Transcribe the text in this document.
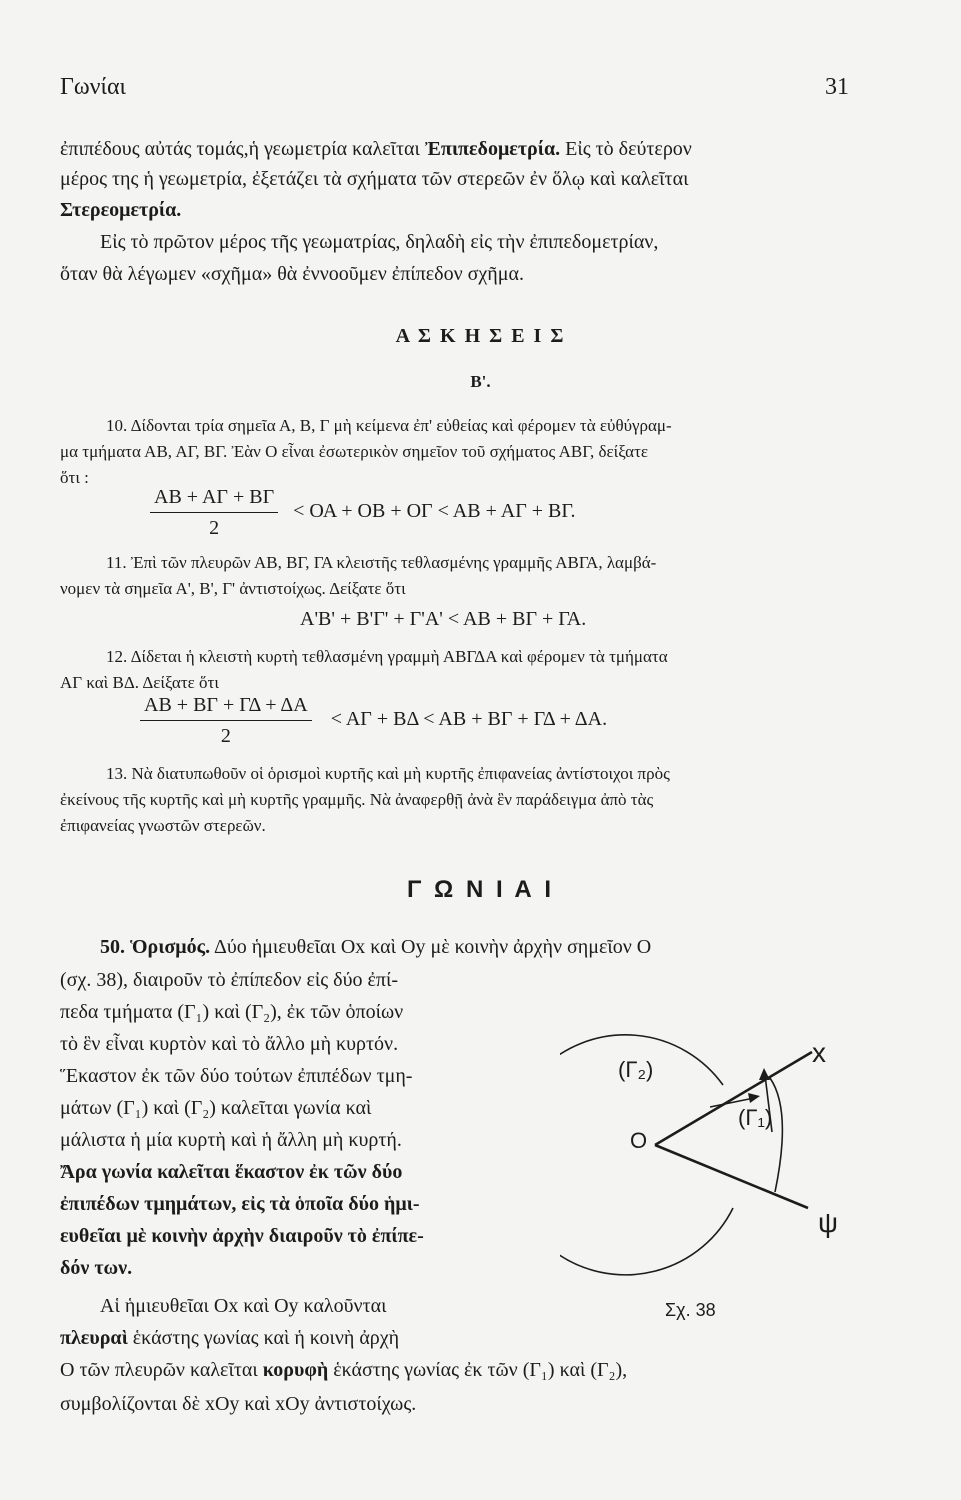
Γωνίαι	31
ἐπιπέδους αὐτάς τομάς,ἡ γεωμετρία καλεῖται Ἐπιπεδομετρία. Εἰς τὸ δεύτερον
μέρος της ἡ γεωμετρία, ἐξετάζει τὰ σχήματα τῶν στερεῶν ἐν ὅλῳ καὶ καλεῖται
Στερεομετρία.
Εἰς τὸ πρῶτον μέρος τῆς γεωματρίας, δηλαδὴ εἰς τὴν ἐπιπεδομετρίαν,
ὅταν θὰ λέγωμεν «σχῆμα» θὰ ἐννοοῦμεν ἐπίπεδον σχῆμα.
Α Σ Κ Η Σ Ε Ι Σ
Β'.
10. Δίδονται τρία σημεῖα Α, Β, Γ μὴ κείμενα ἐπ' εὐθείας καὶ φέρομεν τὰ εὐθύγραμ-
μα τμήματα ΑΒ, ΑΓ, ΒΓ. Ἐὰν Ο εἶναι ἐσωτερικὸν σημεῖον τοῦ σχήματος ΑΒΓ, δείξατε
ὅτι :
$\frac{AB + A\Gamma + B\Gamma}{2} < OA + OB + O\Gamma < AB + A\Gamma + B\Gamma$.
11. Ἐπὶ τῶν πλευρῶν ΑΒ, ΒΓ, ΓΑ κλειστῆς τεθλασμένης γραμμῆς ΑΒΓΑ, λαμβά-
νομεν τὰ σημεῖα Α', Β', Γ' ἀντιστοίχως. Δείξατε ὅτι
Α'Β' + Β'Γ' + Γ'Α' < ΑΒ + ΒΓ + ΓΑ.
12. Δίδεται ἡ κλειστὴ κυρτὴ τεθλασμένη γραμμὴ ΑΒΓΔΑ καὶ φέρομεν τὰ τμήματα
ΑΓ καὶ ΒΔ. Δείξατε ὅτι
$\frac{AB + B\Gamma + \Gamma\Delta + \Delta A}{2} < A\Gamma + B\Delta < AB + B\Gamma + \Gamma\Delta + \Delta A$.
13. Νὰ διατυπωθοῦν οἱ ὁρισμοὶ κυρτῆς καὶ μὴ κυρτῆς ἐπιφανείας ἀντίστοιχοι πρὸς
ἐκείνους τῆς κυρτῆς καὶ μὴ κυρτῆς γραμμῆς. Νὰ ἀναφερθῇ ἀνὰ ἓν παράδειγμα ἀπὸ τὰς
ἐπιφανείας γνωστῶν στερεῶν.
Γ Ω Ν Ι Α Ι
50. Ὁρισμός. Δύο ἡμιευθεῖαι Οx καὶ Οy μὲ κοινὴν ἀρχὴν σημεῖον Ο
(σχ. 38), διαιροῦν τὸ ἐπίπεδον εἰς δύο ἐπί-
πεδα τμήματα (Γ₁) καὶ (Γ₂), ἐκ τῶν ὁποίων
τὸ ἓν εἶναι κυρτὸν καὶ τὸ ἄλλο μὴ κυρτόν.
Ἕκαστον ἐκ τῶν δύο τούτων ἐπιπέδων τμη-
μάτων (Γ₁) καὶ (Γ₂) καλεῖται γωνία καὶ
μάλιστα ἡ μία κυρτὴ καὶ ἡ ἄλλη μὴ κυρτή.
Ἄρα γωνία καλεῖται ἕκαστον ἐκ τῶν δύο
ἐπιπέδων τμημάτων, εἰς τὰ ὁποῖα δύο ἡμι-
ευθεῖαι μὲ κοινὴν ἀρχὴν διαιροῦν τὸ ἐπίπε-
δόν των.
Αἱ ἡμιευθεῖαι Οx καὶ Οy καλοῦνται
πλευραὶ ἑκάστης γωνίας καὶ ἡ κοινὴ ἀρχὴ
Ο τῶν πλευρῶν καλεῖται κορυφὴ ἑκάστης γωνίας ἐκ τῶν (Γ₁) καὶ (Γ₂),
συμβολίζονται δὲ xOy καὶ xOy ἀντιστοίχως.
x
ψ
O
(Γ₂)
(Γ₁)
Σχ. 38
